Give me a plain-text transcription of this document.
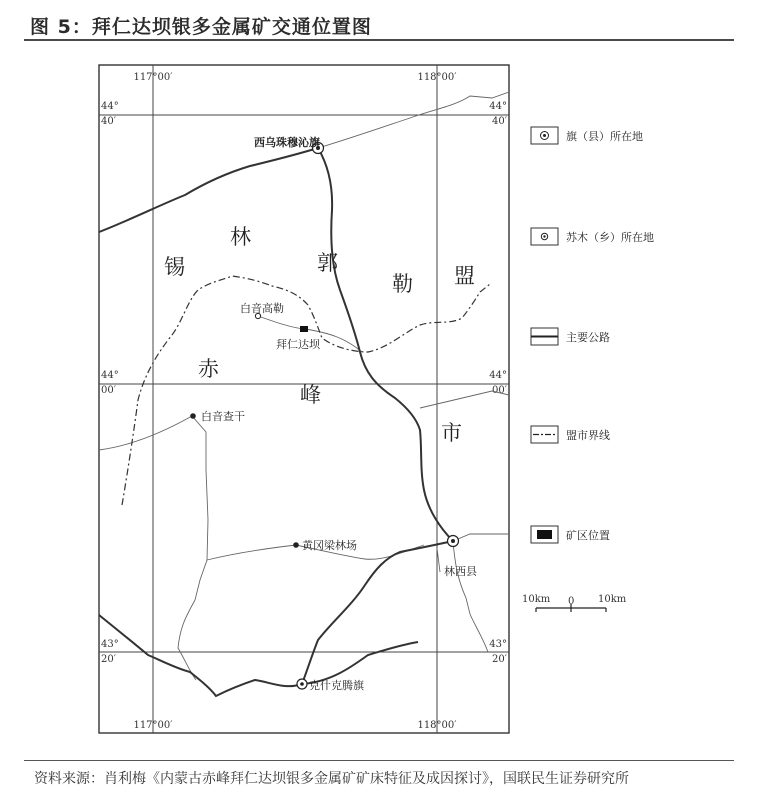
图 5：拜仁达坝银多金属矿交通位置图
117°00′	118°00′
117°00′	118°00′
44°
40′
44°
40′
44°
00′
44°
00′
43°
20′
43°
20′
西乌珠穆沁旗
白音高勒
拜仁达坝
白音查干
黄冈梁林场
林西县
克什克腾旗
林
锡	郭
勒 盟
赤
峰
市
旗（县）所在地
苏木（乡）所在地
主要公路
盟市界线
矿区位置
10km 0 10km
资料来源：肖利梅《内蒙古赤峰拜仁达坝银多金属矿矿床特征及成因探讨》，国联民生证券研究所
